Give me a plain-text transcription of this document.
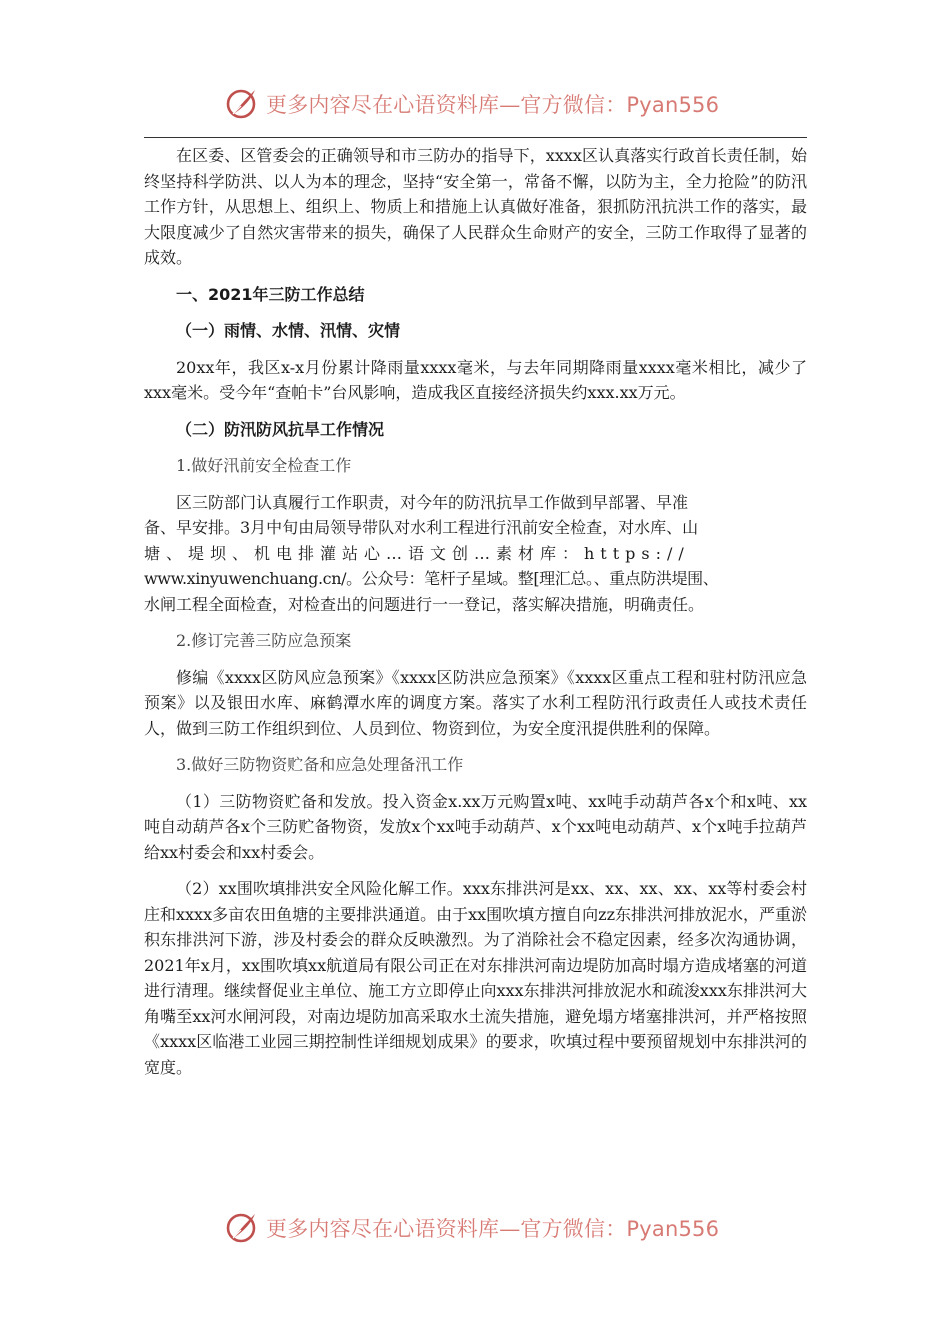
更多内容尽在心语资料库—官方微信：Pyan556

在区委、区管委会的正确领导和市三防办的指导下，xxxx区认真落实行政首长责任制，始终坚持科学防洪、以人为本的理念，坚持“安全第一，常备不懈，以防为主，全力抢险”的防汛工作方针，从思想上、组织上、物质上和措施上认真做好准备，狠抓防汛抗洪工作的落实，最大限度减少了自然灾害带来的损失，确保了人民群众生命财产的安全，三防工作取得了显著的成效。

一、2021年三防工作总结

（一）雨情、水情、汛情、灾情

20xx年，我区x-x月份累计降雨量xxxx毫米，与去年同期降雨量xxxx毫米相比，减少了xxx毫米。受今年“查帕卡”台风影响，造成我区直接经济损失约xxx.xx万元。

（二）防汛防风抗旱工作情况

1.做好汛前安全检查工作

区三防部门认真履行工作职责，对今年的防汛抗旱工作做到早部署、早准

备、早安排。3月中旬由局领导带队对水利工程进行汛前安全检查，对水库、山

塘、堤坝、机电排灌站心…语文创…素材库：https://

www.xinyuwenchuang.cn/。公众号：笔杆子星域。整[理汇总。、重点防洪堤围、

水闸工程全面检查，对检查出的问题进行一一登记，落实解决措施，明确责任。

2.修订完善三防应急预案

修编《xxxx区防风应急预案》《xxxx区防洪应急预案》《xxxx区重点工程和驻村防汛应急预案》以及银田水库、麻鹤潭水库的调度方案。落实了水利工程防汛行政责任人或技术责任人，做到三防工作组织到位、人员到位、物资到位，为安全度汛提供胜利的保障。

3.做好三防物资贮备和应急处理备汛工作

（1）三防物资贮备和发放。投入资金x.xx万元购置x吨、xx吨手动葫芦各x个和x吨、xx吨自动葫芦各x个三防贮备物资，发放x个xx吨手动葫芦、x个xx吨电动葫芦、x个x吨手拉葫芦给xx村委会和xx村委会。

（2）xx围吹填排洪安全风险化解工作。xxx东排洪河是xx、xx、xx、xx、xx等村委会村庄和xxxx多亩农田鱼塘的主要排洪通道。由于xx围吹填方擅自向zz东排洪河排放泥水，严重淤积东排洪河下游，涉及村委会的群众反映激烈。为了消除社会不稳定因素，经多次沟通协调，2021年x月，xx围吹填xx航道局有限公司正在对东排洪河南边堤防加高时塌方造成堵塞的河道进行清理。继续督促业主单位、施工方立即停止向xxx东排洪河排放泥水和疏浚xxx东排洪河大角嘴至xx河水闸河段，对南边堤防加高采取水土流失措施，避免塌方堵塞排洪河，并严格按照《xxxx区临港工业园三期控制性详细规划成果》的要求，吹填过程中要预留规划中东排洪河的宽度。

更多内容尽在心语资料库—官方微信：Pyan556
